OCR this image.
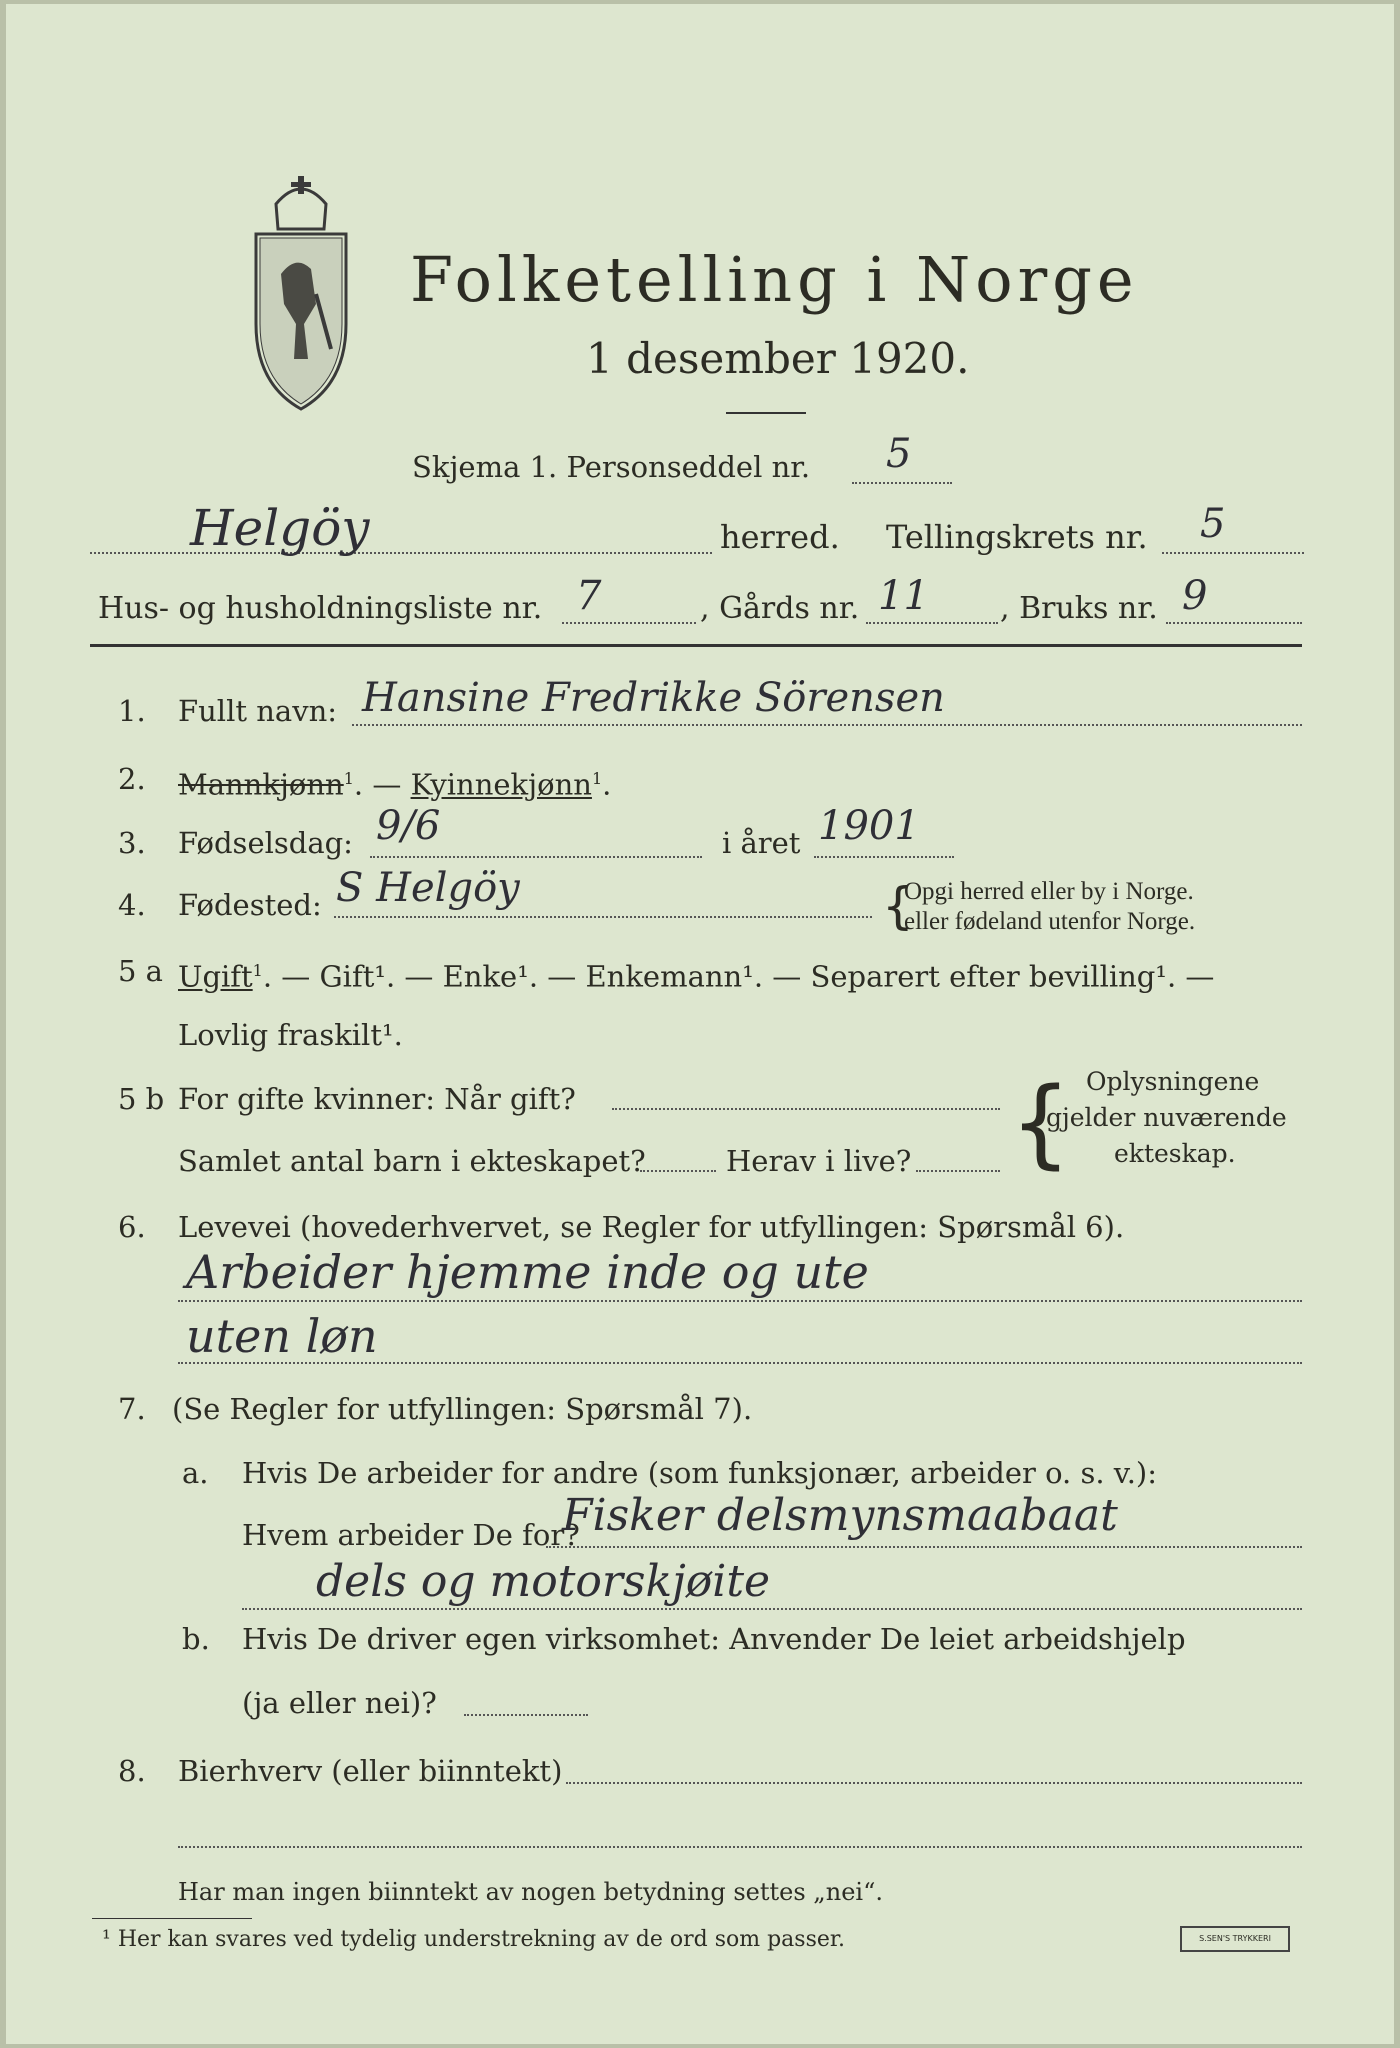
Folketelling i Norge
1 desember 1920.
Skjema 1. Personseddel nr. 5
Helgöy	herred. Tellingskrets nr. 5
Hus- og husholdningsliste nr. 7	, Gårds nr. 11 , Bruks nr. 9
1. Fullt navn: Hansine Fredrikke Sörensen
2. Mannkjønn$^1$. — Kyinnekjønn$^1$.
3. Fødselsdag: 9/6	i året 1901
4. Fødested: S Helgöy	{
Opgi herred eller by i Norge.
eller fødeland utenfor Norge.
5 a Ugift$^1$. — Gift¹. — Enke¹. — Enkemann¹. — Separert efter bevilling¹. —
Lovlig fraskilt¹.
5 b For gifte kvinner: Når gift?
Samlet antal barn i ekteskapet?	Herav i live? { Oplysningene
gjelder nuværende
ekteskap.
6. Levevei (hovederhvervet, se Regler for utfyllingen: Spørsmål 6).
Arbeider hjemme inde og ute
uten løn
7. (Se Regler for utfyllingen: Spørsmål 7).
a. Hvis De arbeider for andre (som funksjonær, arbeider o. s. v.):
Hvem arbeider De for?
Fisker delsmynsmaabaat
dels og motorskjøite
b. Hvis De driver egen virksomhet: Anvender De leiet arbeidshjelp
(ja eller nei)?
8. Bierhverv (eller biinntekt)
Har man ingen biinntekt av nogen betydning settes „nei“.
¹ Her kan svares ved tydelig understrekning av de ord som passer.	S.SEN'S TRYKKERI
